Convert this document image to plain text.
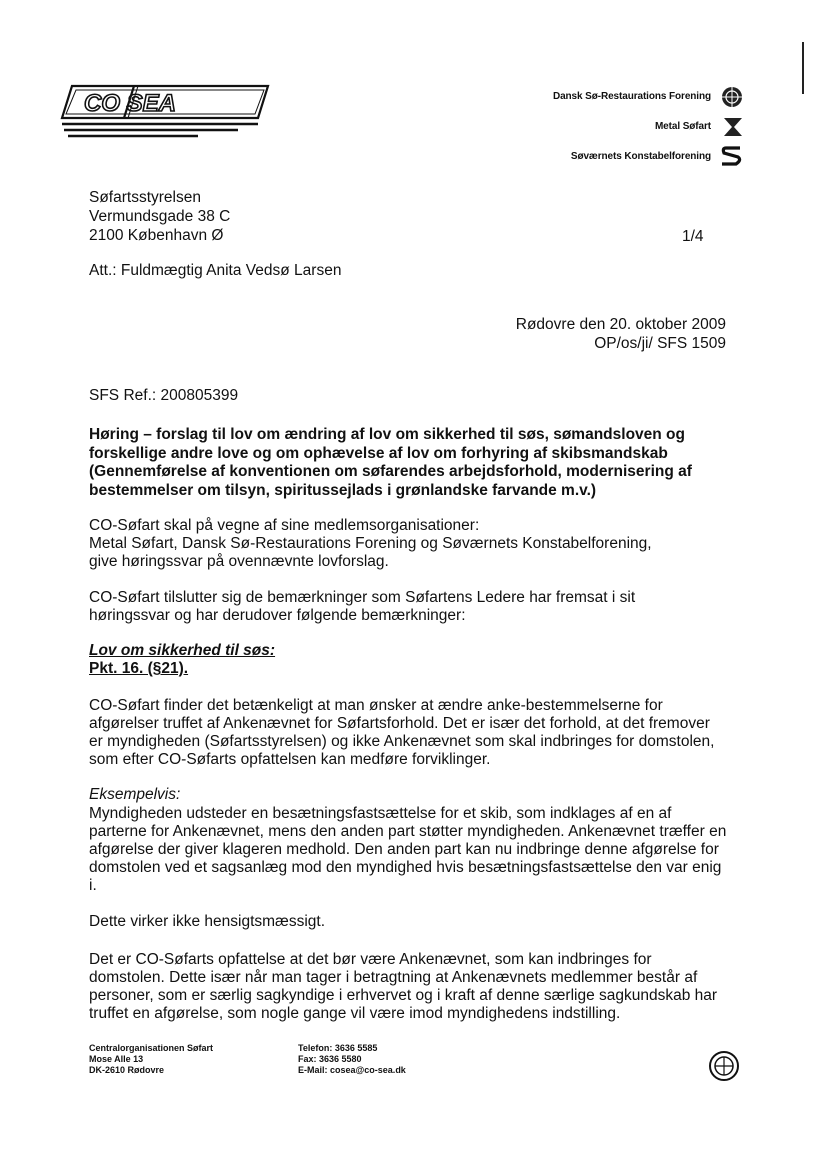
CO SEA	Dansk Sø-Restaurations Forening
Metal Søfart
Søværnets Konstabelforening
Søfartsstyrelsen
Vermundsgade 38 C
2100 København Ø	1/4
Att.: Fuldmægtig Anita Vedsø Larsen
Rødovre den 20. oktober 2009
OP/os/ji/ SFS 1509
SFS Ref.: 200805399
Høring – forslag til lov om ændring af lov om sikkerhed til søs, sømandsloven og forskellige andre love og om ophævelse af lov om forhyring af skibsmandskab (Gennemførelse af konventionen om søfarendes arbejdsforhold, modernisering af bestemmelser om tilsyn, spiritussejlads i grønlandske farvande m.v.)
CO-Søfart skal på vegne af sine medlemsorganisationer:
Metal Søfart, Dansk Sø-Restaurations Forening og Søværnets Konstabelforening,
give høringssvar på ovennævnte lovforslag.
CO-Søfart tilslutter sig de bemærkninger som Søfartens Ledere har fremsat i sit høringssvar og har derudover følgende bemærkninger:
Lov om sikkerhed til søs:
Pkt. 16. (§21).
CO-Søfart finder det betænkeligt at man ønsker at ændre anke-bestemmelserne for afgørelser truffet af Ankenævnet for Søfartsforhold. Det er især det forhold, at det fremover er myndigheden (Søfartsstyrelsen) og ikke Ankenævnet som skal indbringes for domstolen, som efter CO-Søfarts opfattelsen kan medføre forviklinger.
Eksempelvis:
Myndigheden udsteder en besætningsfastsættelse for et skib, som indklages af en af parterne for Ankenævnet, mens den anden part støtter myndigheden. Ankenævnet træffer en afgørelse der giver klageren medhold. Den anden part kan nu indbringe denne afgørelse for domstolen ved et sagsanlæg mod den myndighed hvis besætningsfastsættelse den var enig i.
Dette virker ikke hensigtsmæssigt.
Det er CO-Søfarts opfattelse at det bør være Ankenævnet, som kan indbringes for domstolen. Dette især når man tager i betragtning at Ankenævnets medlemmer består af personer, som er særlig sagkyndige i erhvervet og i kraft af denne særlige sagkundskab har truffet en afgørelse, som nogle gange vil være imod myndighedens indstilling.
Centralorganisationen Søfart
Mose Alle 13
DK-2610 Rødovre
Telefon: 3636 5585
Fax: 3636 5580
E-Mail: cosea@co-sea.dk
